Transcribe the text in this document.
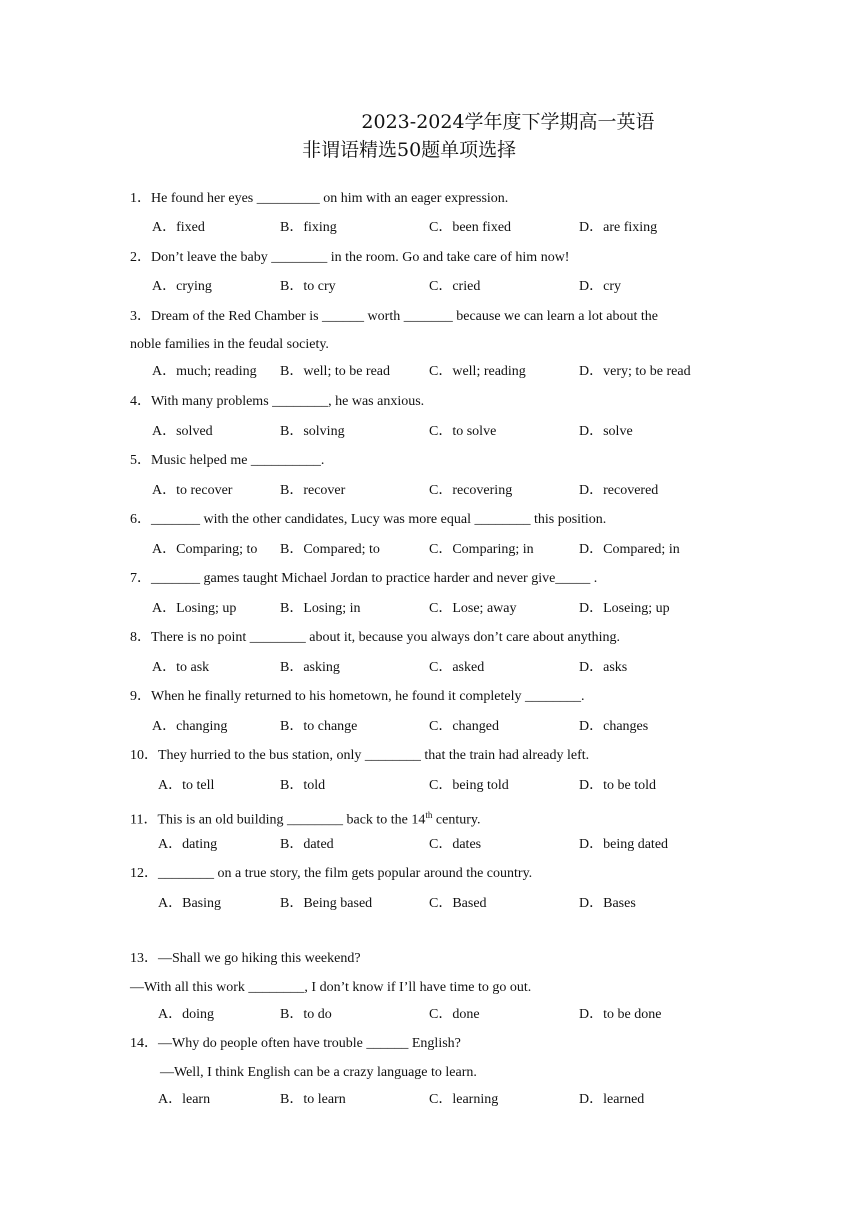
2023-2024学年度下学期高一英语
非谓语精选50题单项选择
1．He found her eyes _________ on him with an eager expression.
A．fixed	B．fixing	C．been fixed	D．are fixing
2．Don’t leave the baby ________ in the room. Go and take care of him now!
A．crying	B．to cry	C．cried	D．cry
3．Dream of the Red Chamber is ______ worth _______ because we can learn a lot about the
noble families in the feudal society.
A．much; reading B．well; to be read	C．well; reading	D．very; to be read
4．With many problems ________, he was anxious.
A．solved	B．solving	C．to solve	D．solve
5．Music helped me __________.
A．to recover	B．recover	C．recovering	D．recovered
6．_______ with the other candidates, Lucy was more equal ________ this position.
A．Comparing; to B．Compared; to	C．Comparing; in	D．Compared; in
7．_______ games taught Michael Jordan to practice harder and never give_____ .
A．Losing; up	B．Losing; in	C．Lose; away	D．Loseing; up
8．There is no point ________ about it, because you always don’t care about anything.
A．to ask	B．asking	C．asked	D．asks
9．When he finally returned to his hometown, he found it completely ________.
A．changing	B．to change	C．changed	D．changes
10．They hurried to the bus station, only ________ that the train had already left.
A．to tell	B．told	C．being told	D．to be told
11．This is an old building ________ back to the 14th century.
A．dating	B．dated	C．dates	D．being dated
12．________ on a true story, the film gets popular around the country.
A．Basing	B．Being based	C．Based	D．Bases
13．—Shall we go hiking this weekend?
—With all this work ________, I don’t know if I’ll have time to go out.
A．doing	B．to do	C．done	D．to be done
14．—Why do people often have trouble ______ English?
—Well, I think English can be a crazy language to learn.
A．learn	B．to learn	C．learning	D．learned
